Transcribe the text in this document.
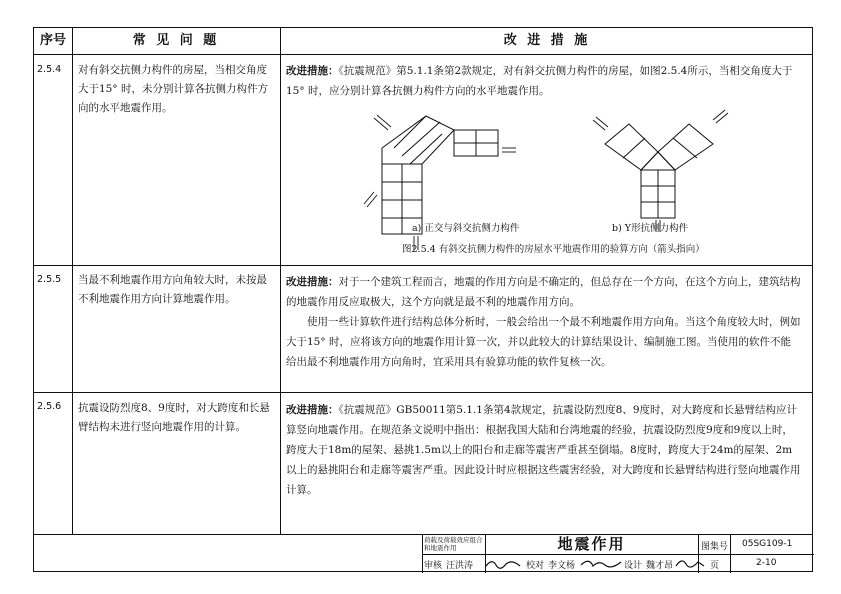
序号	常 见 问 题	改 进 措 施
2.5.4 对有斜交抗侧力构件的房屋，当相交角度大于15° 时，未分别计算各抗侧力构件方向的水平地震作用。
改进措施：《抗震规范》第5.1.1条第2款规定，对有斜交抗侧力构件的房屋，如图2.5.4所示，当相交角度大于15° 时，应分别计算各抗侧力构件方向的水平地震作用。
a) 正交与斜交抗侧力构件	b) Y形抗侧力构件
图2.5.4 有斜交抗侧力构件的房屋水平地震作用的验算方向（箭头指向）
2.5.5 当最不利地震作用方向角较大时，未按最不利地震作用方向计算地震作用。
改进措施：对于一个建筑工程而言，地震的作用方向是不确定的，但总存在一个方向，在这个方向上，建筑结构的地震作用反应取极大，这个方向就是最不利的地震作用方向。
使用一些计算软件进行结构总体分析时，一般会给出一个最不利地震作用方向角。当这个角度较大时，例如大于15° 时，应将该方向的地震作用计算一次，并以此较大的计算结果设计、编制施工图。当使用的软件不能给出最不利地震作用方向角时，宜采用具有验算功能的软件复核一次。
2.5.6 抗震设防烈度8、9度时，对大跨度和长悬臂结构未进行竖向地震作用的计算。
改进措施：《抗震规范》GB50011第5.1.1条第4款规定，抗震设防烈度8、9度时，对大跨度和长悬臂结构应计算竖向地震作用。在规范条文说明中指出：根据我国大陆和台湾地震的经验，抗震设防烈度9度和9度以上时，跨度大于18m的屋架、悬挑1.5m以上的阳台和走廊等震害严重甚至倒塌。8度时，跨度大于24m的屋架、2m以上的悬挑阳台和走廊等震害严重。因此设计时应根据这些震害经验，对大跨度和长悬臂结构进行竖向地震作用计算。
荷载及荷载效应组合和地震作用	地震作用	图集号 05SG109-1
审核 汪洪涛	校对 李文杨	设计 魏才昂	页	2-10
